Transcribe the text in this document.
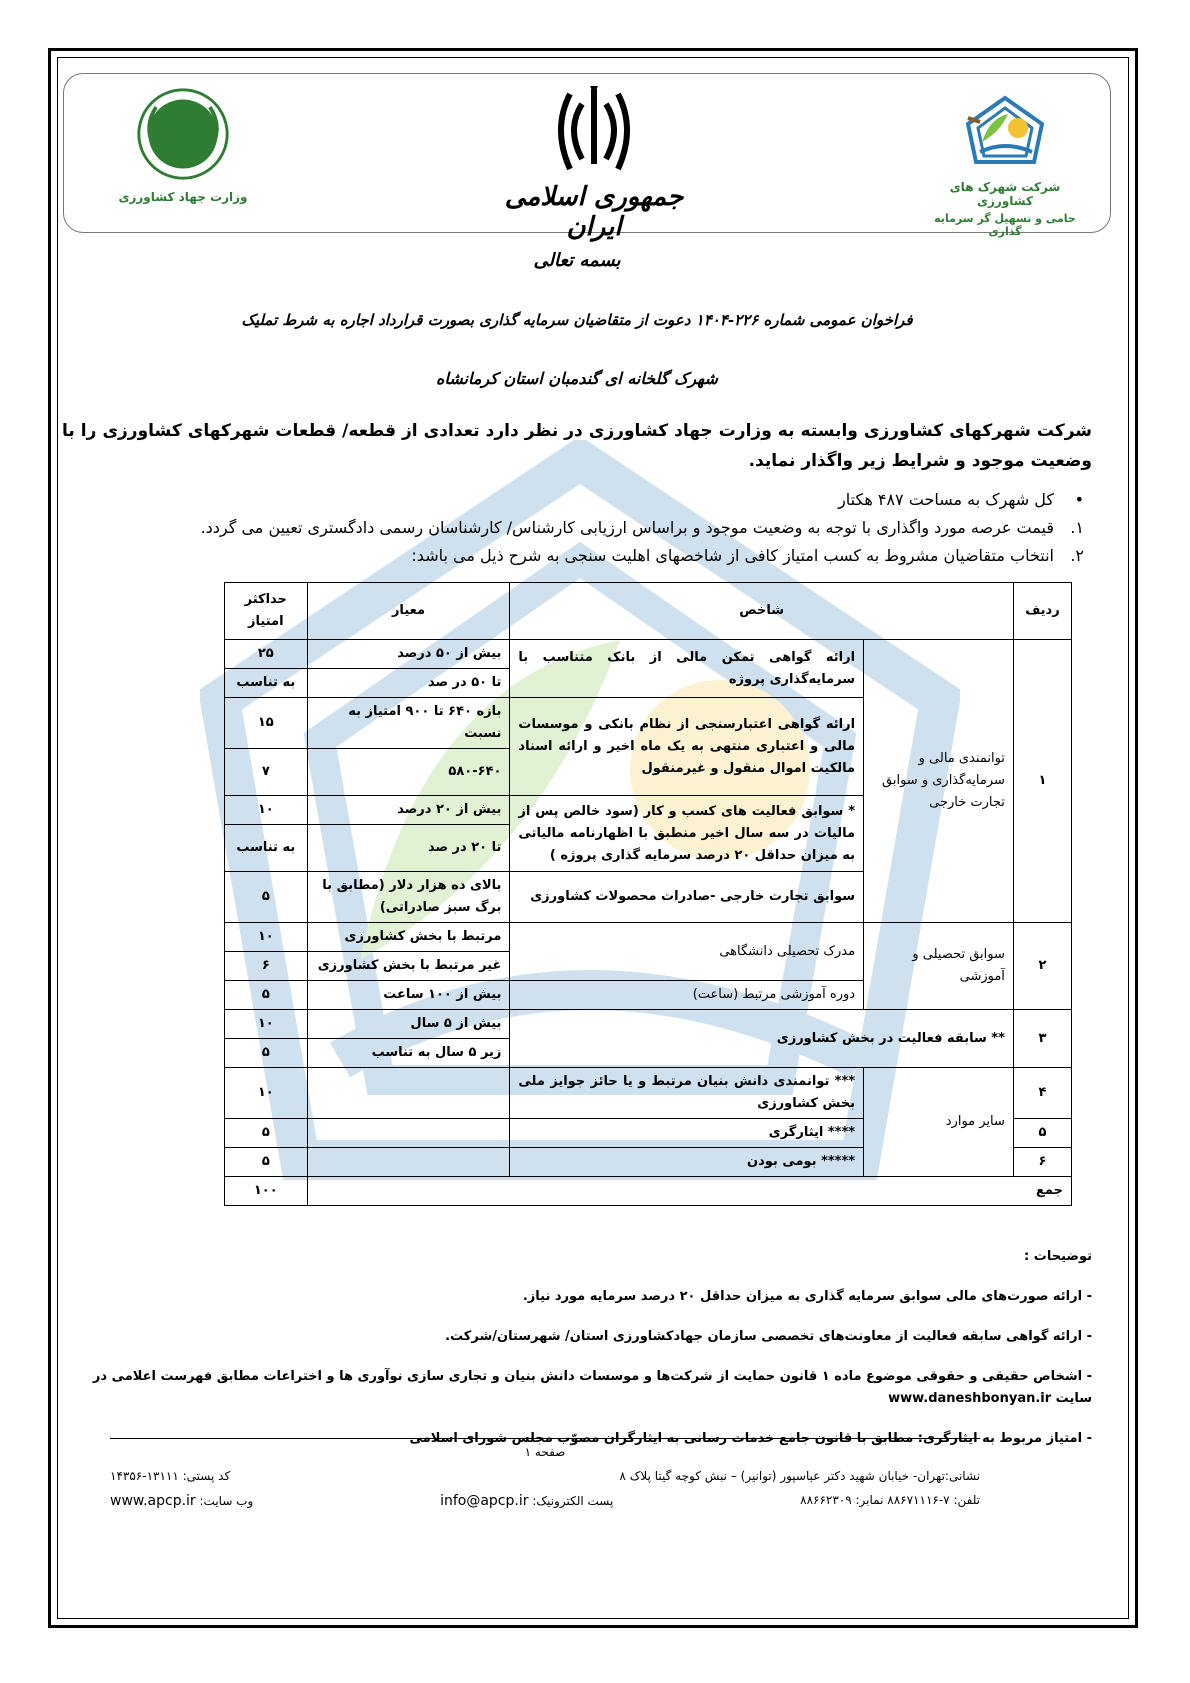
وزارت جهاد کشاورزی	جمهوری اسلامی ایران
شرکت شهرک های کشاورزی
حامی و تسهیل گر سرمایه گذاری
بسمه تعالی
فراخوان عمومی شماره ۲۲۶-۱۴۰۴ دعوت از متقاضیان سرمایه گذاری بصورت قرارداد اجاره به شرط تملیک
شهرک گلخانه ای گندمبان استان کرمانشاه
شرکت شهرکهای کشاورزی وابسته به وزارت جهاد کشاورزی در نظر دارد تعدادی از قطعه/ قطعات شهرکهای کشاورزی را با وضعیت موجود و شرایط زیر واگذار نماید.
•
کل شهرک به مساحت ۴۸۷ هکتار
۱.
قیمت عرصه مورد واگذاری با توجه به وضعیت موجود و براساس ارزیابی کارشناس/ کارشناسان رسمی دادگستری تعیین می گردد.
۲.
انتخاب متقاضیان مشروط به کسب امتیاز کافی از شاخصهای اهلیت سنجی به شرح ذیل می باشد:
ردیف	شاخص		معیار	حداکثر امتیاز
۱	توانمندی مالی و سرمایه‌گذاری و سوابق تجارت خارجی	ارائه گواهی تمکن مالی از بانک متناسب با سرمایه‌گذاری پروژه	بیش از ۵۰ درصد	۲۵
			تا ۵۰ در صد	به تناسب
		ارائه گواهی اعتبارسنجی از نظام بانکی و موسسات مالی و اعتباری منتهی به یک ماه اخیر و ارائه اسناد مالکیت اموال منقول و غیرمنقول	بازه ۶۴۰ تا ۹۰۰ امتیاز به نسبت	۱۵
			۵۸۰-۶۴۰	۷
		* سوابق فعالیت های کسب و کار (سود خالص پس از مالیات در سه سال اخیر منطبق با اظهارنامه مالیاتی به میزان حداقل ۲۰ درصد سرمایه گذاری پروژه )	بیش از ۲۰ درصد	۱۰
			تا ۲۰ در صد	به تناسب
		سوابق تجارت خارجی -صادرات محصولات کشاورزی	بالای ده هزار دلار (مطابق با برگ سبز صادراتی)	۵
۲	سوابق تحصیلی و آموزشی	مدرک تحصیلی دانشگاهی	مرتبط با بخش کشاورزی	۱۰
			غیر مرتبط با بخش کشاورزی	۶
		دوره آموزشی مرتبط (ساعت)	بیش از ۱۰۰ ساعت	۵
۳	** سابقه فعالیت در بخش کشاورزی		بیش از ۵ سال	۱۰
			زیر ۵ سال به تناسب	۵
۴	سایر موارد	*** توانمندی دانش بنیان مرتبط و یا حائز جوایز ملی بخش کشاورزی		۱۰
۵		**** ایثارگری		۵
۶		***** بومی بودن		۵
جمع				۱۰۰
توضیحات :
- ارائه صورت‌های مالی سوابق سرمایه گذاری به میزان حداقل ۲۰ درصد سرمایه مورد نیاز.
- ارائه گواهی سابقه فعالیت از معاونت‌های تخصصی سازمان جهادکشاورزی استان/ شهرستان/شرکت.
- اشخاص حقیقی و حقوقی موضوع ماده ۱ قانون حمایت از شرکت‌ها و موسسات دانش بنیان و تجاری سازی نوآوری ها و اختراعات مطابق فهرست اعلامی در سایت www.daneshbonyan.ir
- امتیاز مربوط به ایثارگری: مطابق با قانون جامع خدمات رسانی به ایثارگران مصوّب مجلس شورای اسلامی
صفحه ۱
نشانی:تهران- خیابان شهید دکتر عباسپور (توانیر) – نبش کوچه گیتا پلاک ۸
کد پستی: ۱۳۱۱۱-۱۴۳۵۶
تلفن: ۷-۸۸۶۷۱۱۱۶ نمابر: ۸۸۶۶۲۳۰۹
پست الکترونیک: info@apcp.ir
وب سایت: www.apcp.ir
